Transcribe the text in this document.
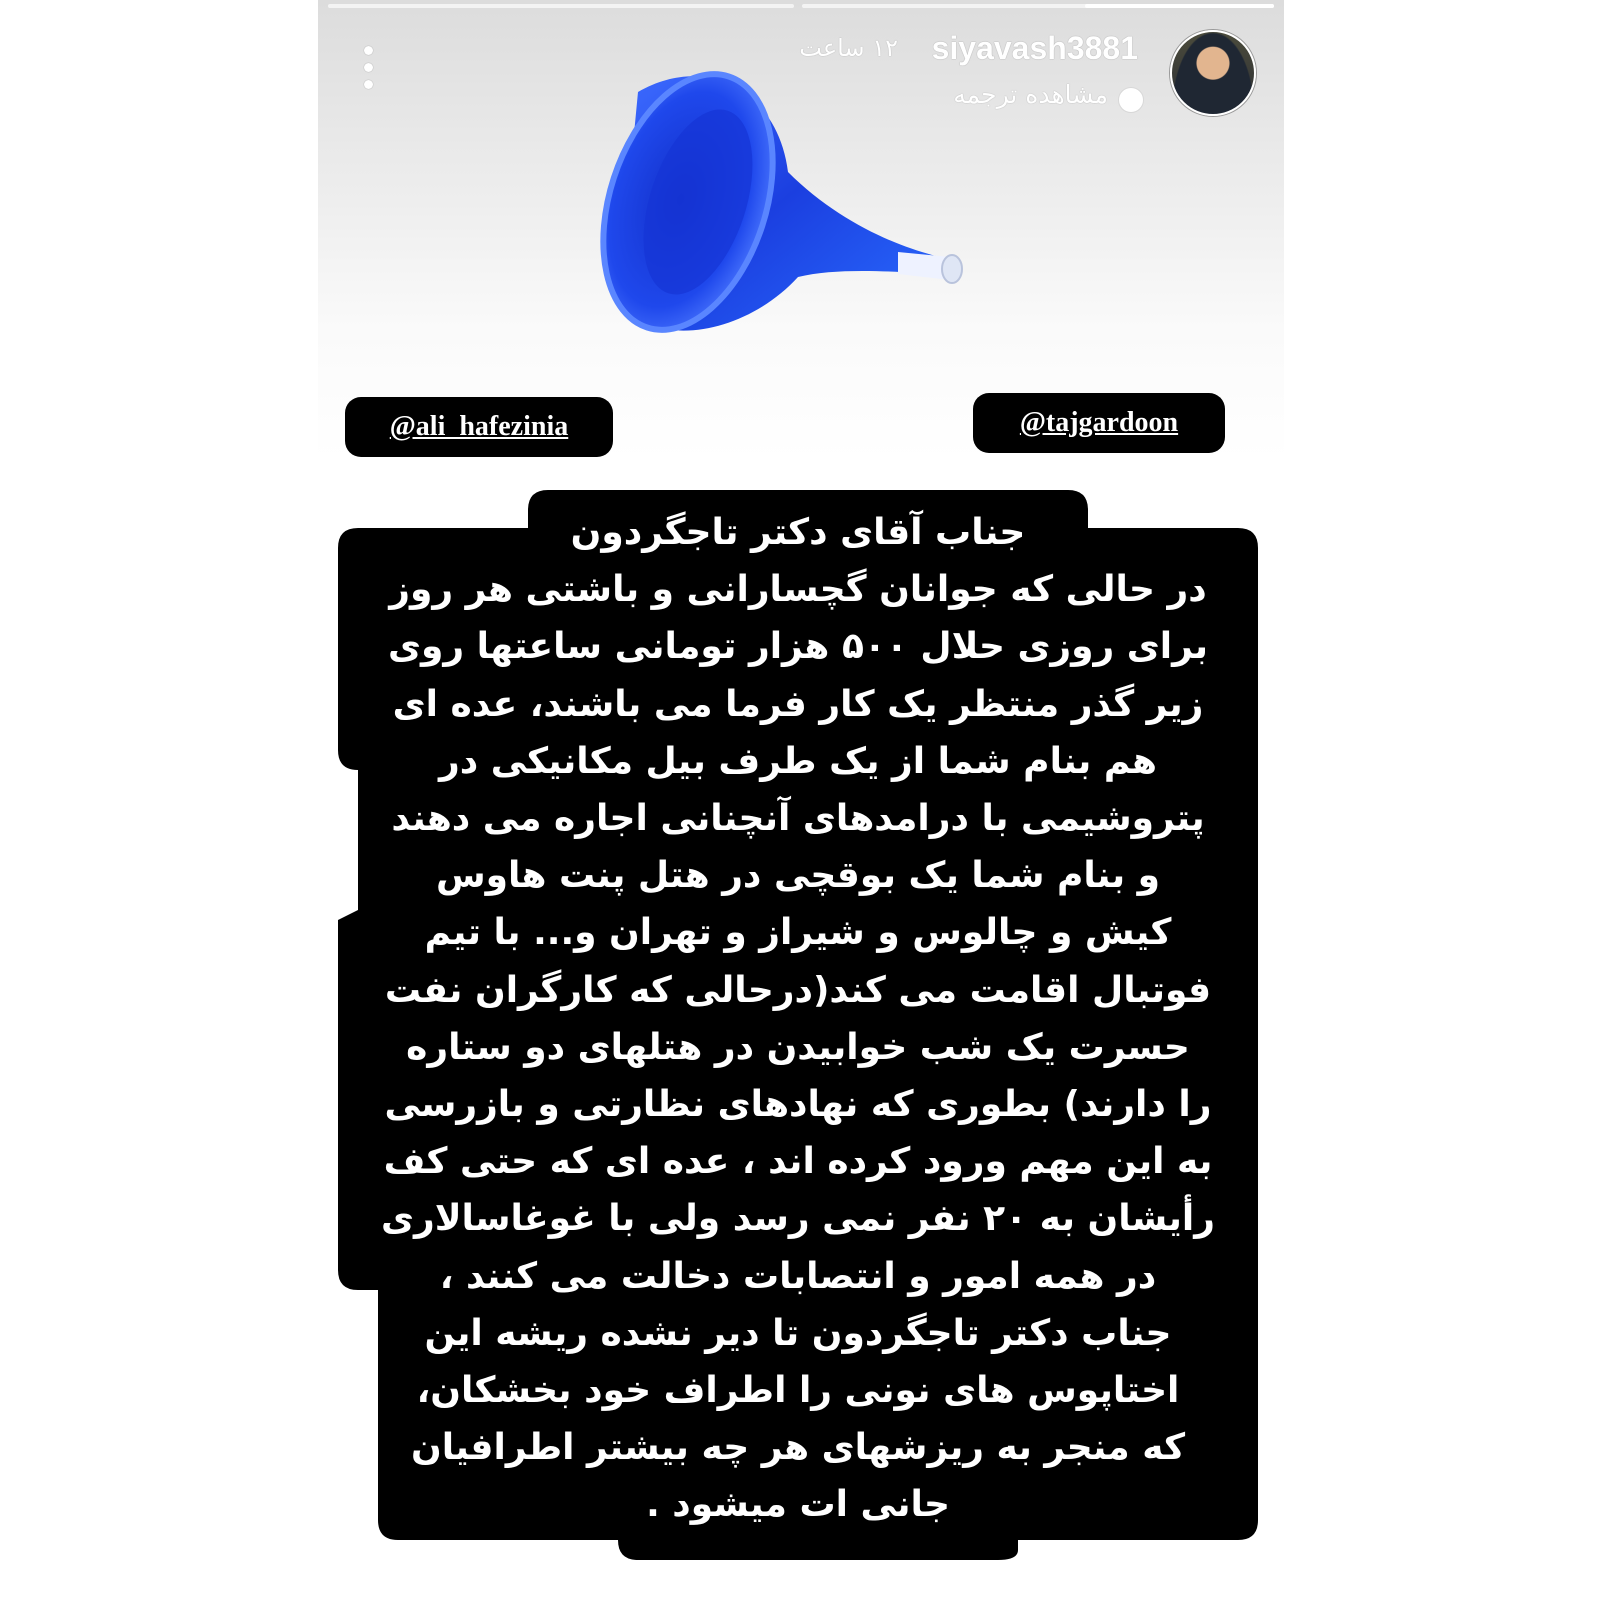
siyavash3881
۱۲ ساعت
مشاهده ترجمه
@ali_hafezinia	@tajgardoon
جناب آقای دکتر تاجگردون
در حالی که جوانان گچسارانی و باشتی هر روز
برای روزی حلال ۵۰۰ هزار تومانی ساعتها روی
زیر گذر منتظر یک کار فرما می باشند، عده ای
هم بنام شما از یک طرف بیل مکانیکی در
پتروشیمی با درامدهای آنچنانی اجاره می دهند
و بنام شما یک بوقچی در هتل پنت هاوس
کیش و چالوس و شیراز و تهران و... با تیم
فوتبال اقامت می کند(درحالی که کارگران نفت
حسرت یک شب خوابیدن در هتلهای دو ستاره
را دارند) بطوری که نهادهای نظارتی و بازرسی
به این مهم ورود کرده اند ، عده ای که حتی کف
رأیشان به ۲۰ نفر نمی رسد ولی با غوغاسالاری
در همه امور و انتصابات دخالت می کنند ،
جناب دکتر تاجگردون تا دیر نشده ریشه این
اختاپوس های نونی را اطراف خود بخشکان،
که منجر به ریزشهای هر چه بیشتر اطرافیان
جانی ات میشود .
